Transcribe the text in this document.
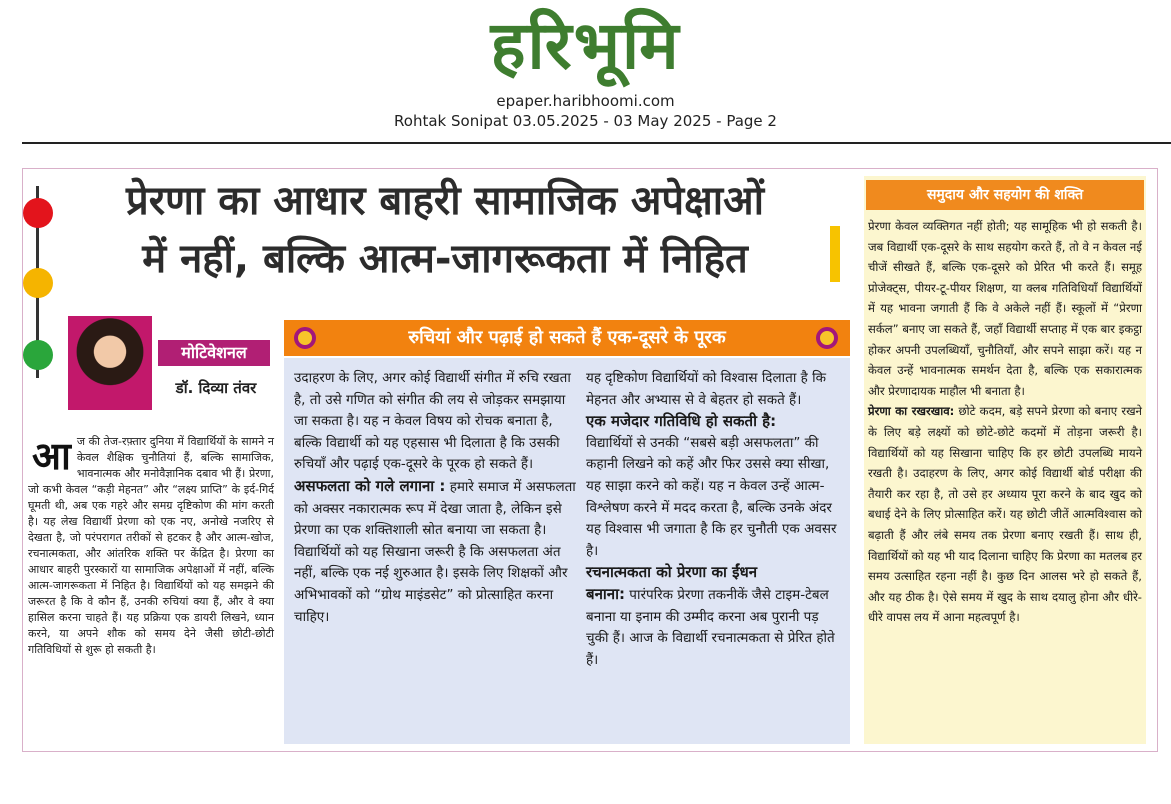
हरिभूमि
epaper.haribhoomi.com
Rohtak Sonipat 03.05.2025 - 03 May 2025 - Page 2
प्रेरणा का आधार बाहरी सामाजिक अपेक्षाओं
में नहीं, बल्कि आत्म-जागरूकता में निहित
मोटिवेशनल
डॉ. दिव्या तंवर
आ ज की तेज-रफ़्तार दुनिया में विद्यार्थियों के सामने न केवल शैक्षिक चुनौतियां हैं, बल्कि सामाजिक, भावनात्मक और मनोवैज्ञानिक दबाव भी हैं। प्रेरणा, जो कभी केवल “कड़ी मेहनत” और “लक्ष्य प्राप्ति” के इर्द-गिर्द घूमती थी, अब एक गहरे और समग्र दृष्टिकोण की मांग करती है। यह लेख विद्यार्थी प्रेरणा को एक नए, अनोखे नजरिए से देखता है, जो परंपरागत तरीकों से हटकर है और आत्म-खोज, रचनात्मकता, और आंतरिक शक्ति पर केंद्रित है। प्रेरणा का आधार बाहरी पुरस्कारों या सामाजिक अपेक्षाओं में नहीं, बल्कि आत्म-जागरूकता में निहित है। विद्यार्थियों को यह समझने की जरूरत है कि वे कौन हैं, उनकी रुचियां क्या हैं, और वे क्या हासिल करना चाहते हैं। यह प्रक्रिया एक डायरी लिखने, ध्यान करने, या अपने शौक को समय देने जैसी छोटी-छोटी गतिविधियों से शुरू हो सकती है।
रुचियां और पढ़ाई हो सकते हैं एक-दूसरे के पूरक
उदाहरण के लिए, अगर कोई विद्यार्थी संगीत में रुचि रखता है, तो उसे गणित को संगीत की लय से जोड़कर समझाया जा सकता है। यह न केवल विषय को रोचक बनाता है, बल्कि विद्यार्थी को यह एहसास भी दिलाता है कि उसकी रुचियाँ और पढ़ाई एक-दूसरे के पूरक हो सकते हैं।
असफलता को गले लगाना : हमारे समाज में असफलता को अक्सर नकारात्मक रूप में देखा जाता है, लेकिन इसे प्रेरणा का एक शक्तिशाली स्रोत बनाया जा सकता है। विद्यार्थियों को यह सिखाना जरूरी है कि असफलता अंत नहीं, बल्कि एक नई शुरुआत है। इसके लिए शिक्षकों और अभिभावकों को “ग्रोथ माइंडसेट” को प्रोत्साहित करना चाहिए।
यह दृष्टिकोण विद्यार्थियों को विश्वास दिलाता है कि मेहनत और अभ्यास से वे बेहतर हो सकते हैं।
एक मजेदार गतिविधि हो सकती है:
विद्यार्थियों से उनकी “सबसे बड़ी असफलता” की कहानी लिखने को कहें और फिर उससे क्या सीखा, यह साझा करने को कहें। यह न केवल उन्हें आत्म-विश्लेषण करने में मदद करता है, बल्कि उनके अंदर यह विश्वास भी जगाता है कि हर चुनौती एक अवसर है।
रचनात्मकता को प्रेरणा का ईंधन
बनाना: पारंपरिक प्रेरणा तकनीकें जैसे टाइम-टेबल बनाना या इनाम की उम्मीद करना अब पुरानी पड़ चुकी हैं। आज के विद्यार्थी रचनात्मकता से प्रेरित होते हैं।
समुदाय और सहयोग की शक्ति
प्रेरणा केवल व्यक्तिगत नहीं होती; यह सामूहिक भी हो सकती है। जब विद्यार्थी एक-दूसरे के साथ सहयोग करते हैं, तो वे न केवल नई चीजें सीखते हैं, बल्कि एक-दूसरे को प्रेरित भी करते हैं। समूह प्रोजेक्ट्स, पीयर-टू-पीयर शिक्षण, या क्लब गतिविधियाँ विद्यार्थियों में यह भावना जगाती हैं कि वे अकेले नहीं हैं। स्कूलों में “प्रेरणा सर्कल” बनाए जा सकते हैं, जहाँ विद्यार्थी सप्ताह में एक बार इकट्ठा होकर अपनी उपलब्धियाँ, चुनौतियाँ, और सपने साझा करें। यह न केवल उन्हें भावनात्मक समर्थन देता है, बल्कि एक सकारात्मक और प्रेरणादायक माहौल भी बनाता है।
प्रेरणा का रखरखाव: छोटे कदम, बड़े सपने प्रेरणा को बनाए रखने के लिए बड़े लक्ष्यों को छोटे-छोटे कदमों में तोड़ना जरूरी है। विद्यार्थियों को यह सिखाना चाहिए कि हर छोटी उपलब्धि मायने रखती है। उदाहरण के लिए, अगर कोई विद्यार्थी बोर्ड परीक्षा की तैयारी कर रहा है, तो उसे हर अध्याय पूरा करने के बाद खुद को बधाई देने के लिए प्रोत्साहित करें। यह छोटी जीतें आत्मविश्वास को बढ़ाती हैं और लंबे समय तक प्रेरणा बनाए रखती हैं। साथ ही, विद्यार्थियों को यह भी याद दिलाना चाहिए कि प्रेरणा का मतलब हर समय उत्साहित रहना नहीं है। कुछ दिन आलस भरे हो सकते हैं, और यह ठीक है। ऐसे समय में खुद के साथ दयालु होना और धीरे-धीरे वापस लय में आना महत्वपूर्ण है।
